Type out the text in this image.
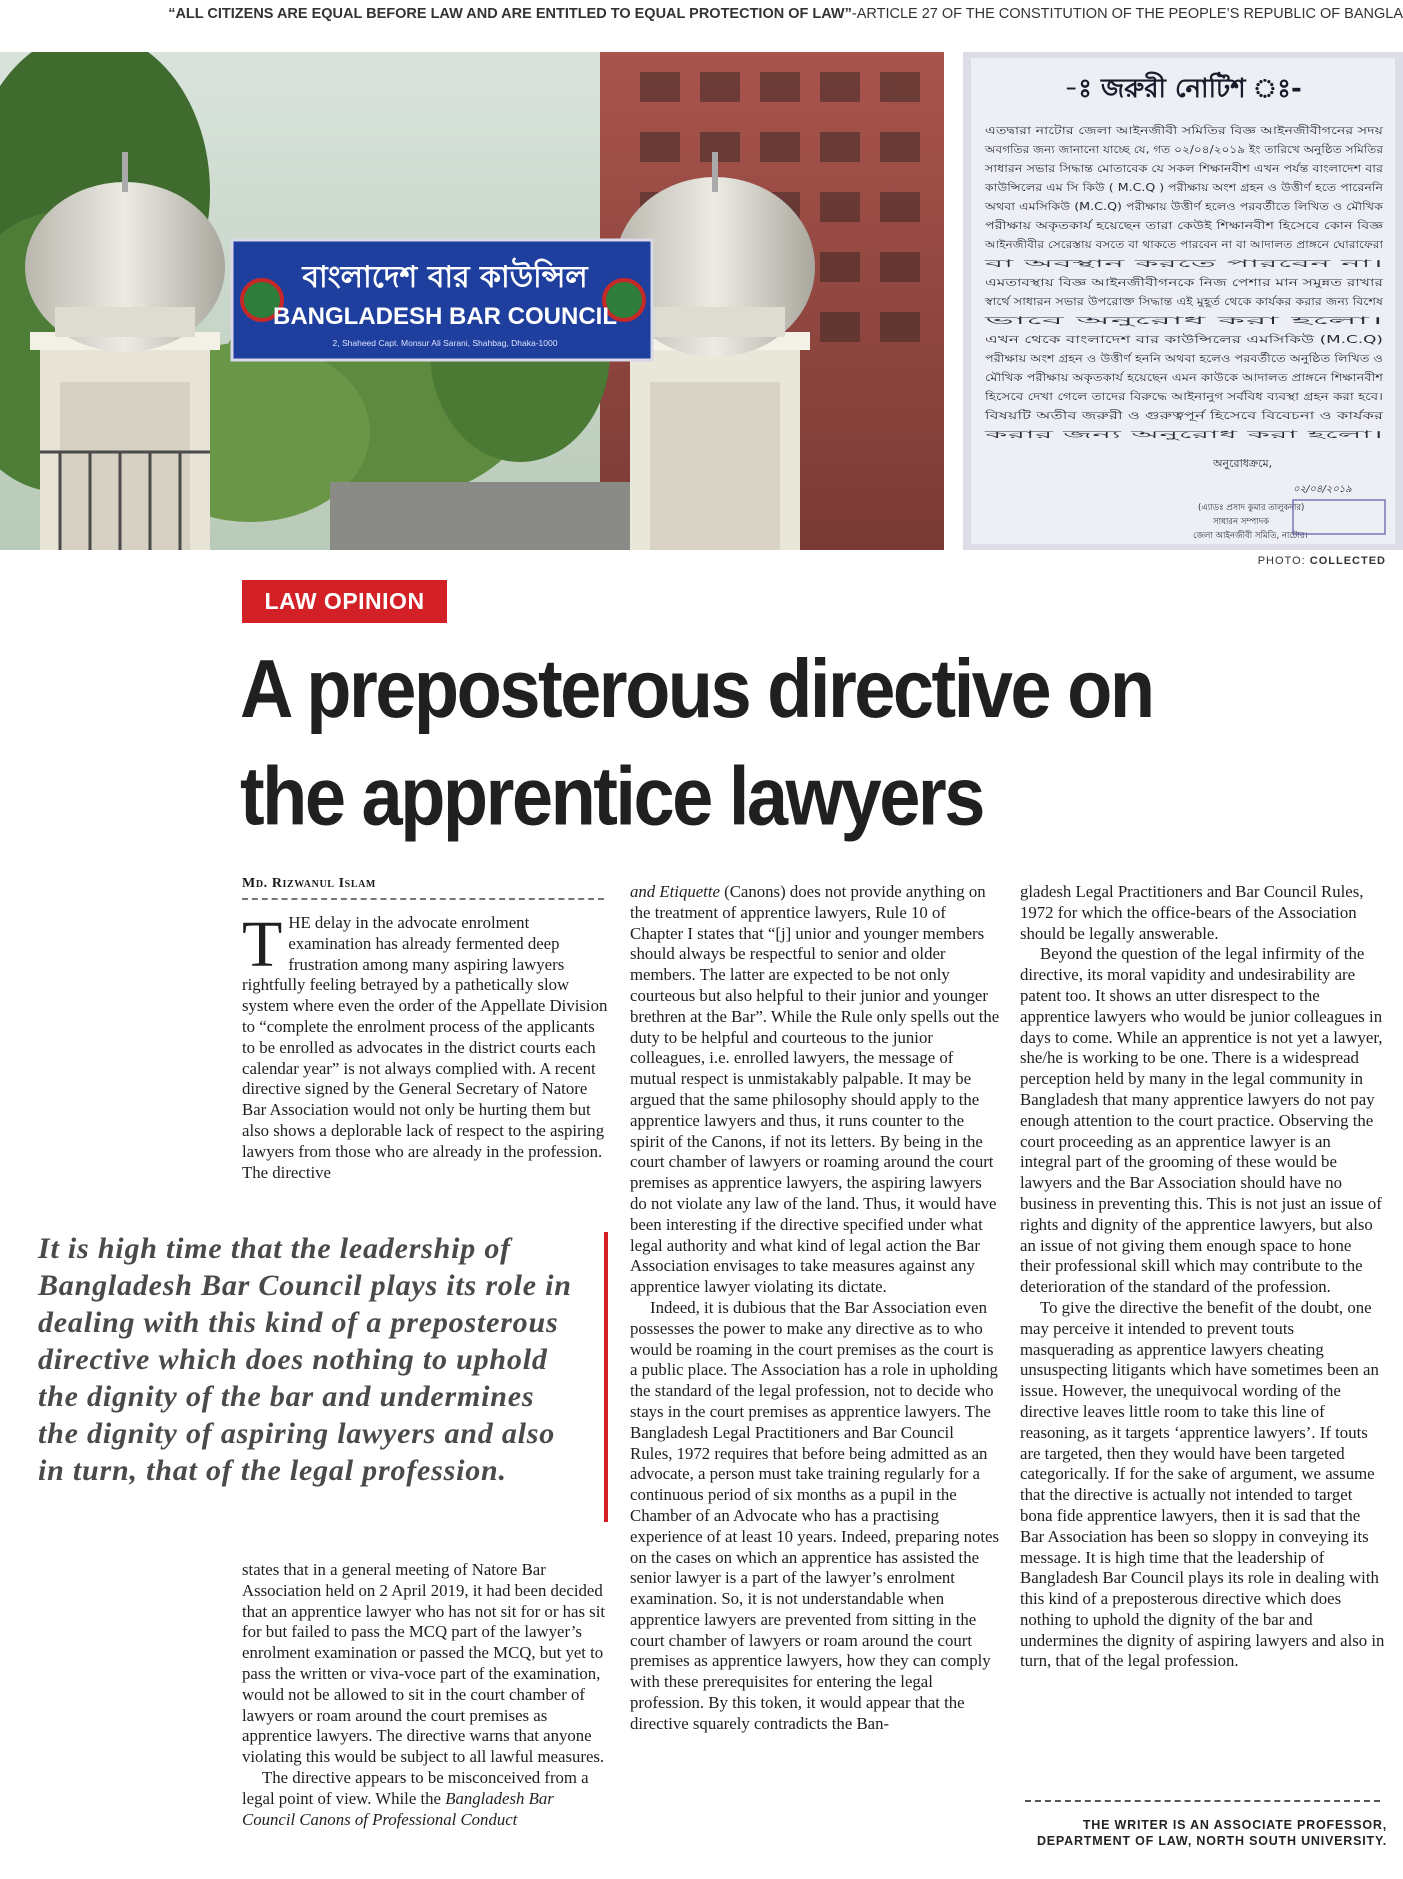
“ALL CITIZENS ARE EQUAL BEFORE LAW AND ARE ENTITLED TO EQUAL PROTECTION OF LAW”-ARTICLE 27 OF THE CONSTITUTION OF THE PEOPLE’S REPUBLIC OF BANGLA
বাংলাদেশ বার কাউন্সিল
BANGLADESH BAR COUNCIL
2, Shaheed Capt. Monsur Ali Sarani, Shahbag, Dhaka-1000
-ঃ জরুরী নোটিশ ঃ-
এতদ্বারা নাটোর জেলা আইনজীবী সমিতির বিজ্ঞ আইনজীবীগনের সদয়
অবগতির জন্য জানানো যাচ্ছে যে, গত ০২/০৪/২০১৯ ইং তারিখে অনুষ্ঠিত সমিতির
সাধারন সভার সিদ্ধান্ত মোতাবেক যে সকল শিক্ষানবীশ এখন পর্যন্ত বাংলাদেশ বার
কাউন্সিলের এম সি কিউ ( M.C.Q ) পরীক্ষায় অংশ গ্রহন ও উত্তীর্ণ হতে পারেননি
অথবা এমসিকিউ (M.C.Q) পরীক্ষায় উত্তীর্ণ হলেও পরবর্তীতে লিখিত ও মৌখিক
পরীক্ষায় অকৃতকার্য হয়েছেন তারা কেউই শিক্ষানবীশ হিসেবে কোন বিজ্ঞ
আইনজীবীর সেরেস্তায় বসতে বা থাকতে পারবেন না বা আদালত প্রাঙ্গনে ঘোরাফেরা
বা অবস্থান করতে পারবেন না।
এমতাবস্থায় বিজ্ঞ আইনজীবীগনকে নিজ পেশার মান সমুন্নত রাখার
স্বার্থে সাধারন সভার উপরোক্ত সিদ্ধান্ত এই মুহূর্ত থেকে কার্যকর করার জন্য বিশেষ
ভাবে অনুরোধ করা হলো।
এখন থেকে বাংলাদেশ বার কাউন্সিলের এমসিকিউ (M.C.Q)
পরীক্ষায় অংশ গ্রহন ও উত্তীর্ণ হননি অথবা হলেও পরবর্তীতে অনুষ্ঠিত লিখিত ও
মৌখিক পরীক্ষায় অকৃতকার্য হয়েছেন এমন কাউকে আদালত প্রাঙ্গনে শিক্ষানবীশ
হিসেবে দেখা গেলে তাদের বিরুদ্ধে আইনানুগ সর্ববিধ ব্যবস্থা গ্রহন করা হবে।
বিষয়টি অতীব জরুরী ও গুরুত্বপূর্ন হিসেবে বিবেচনা ও কার্যকর
করার জন্য অনুরোধ করা হলো।
অনুরোধক্রমে,
০২/০৪/২০১৯
(এ্যাডঃ প্রসাদ কুমার তালুকদার)
সাধারন সম্পাদক
জেলা আইনজীবী সমিতি, নাটোর।
PHOTO: COLLECTED
LAW OPINION
A preposterous directive on the apprentice lawyers
Md. Rizwanul Islam

THE delay in the advocate enrolment examination has already fermented deep frustration among many aspiring lawyers rightfully feeling betrayed by a pathetically slow system where even the order of the Appellate Division to “complete the enrolment process of the applicants to be enrolled as advocates in the district courts each calendar year” is not always complied with. A recent directive signed by the General Secretary of Natore Bar Association would not only be hurting them but also shows a deplorable lack of respect to the aspiring lawyers from those who are already in the profession. The directive

It is high time that the leadership of Bangladesh Bar Council plays its role in dealing with this kind of a preposterous directive which does nothing to uphold the dignity of the bar and undermines the dignity of aspiring lawyers and also in turn, that of the legal profession.

states that in a general meeting of Natore Bar Association held on 2 April 2019, it had been decided that an apprentice lawyer who has not sit for or has sit for but failed to pass the MCQ part of the lawyer’s enrolment examination or passed the MCQ, but yet to pass the written or viva-voce part of the examination, would not be allowed to sit in the court chamber of lawyers or roam around the court premises as apprentice lawyers. The directive warns that anyone violating this would be subject to all lawful measures.

The directive appears to be misconceived from a legal point of view. While the Bangladesh Bar Council Canons of Professional Conduct

and Etiquette (Canons) does not provide anything on the treatment of apprentice lawyers, Rule 10 of Chapter I states that “[j] unior and younger members should always be respectful to senior and older members. The latter are expected to be not only courteous but also helpful to their junior and younger brethren at the Bar”. While the Rule only spells out the duty to be helpful and courteous to the junior colleagues, i.e. enrolled lawyers, the message of mutual respect is unmistakably palpable. It may be argued that the same philosophy should apply to the apprentice lawyers and thus, it runs counter to the spirit of the Canons, if not its letters. By being in the court chamber of lawyers or roaming around the court premises as apprentice lawyers, the aspiring lawyers do not violate any law of the land. Thus, it would have been interesting if the directive specified under what legal authority and what kind of legal action the Bar Association envisages to take measures against any apprentice lawyer violating its dictate.

Indeed, it is dubious that the Bar Association even possesses the power to make any directive as to who would be roaming in the court premises as the court is a public place. The Association has a role in upholding the standard of the legal profession, not to decide who stays in the court premises as apprentice lawyers. The Bangladesh Legal Practitioners and Bar Council Rules, 1972 requires that before being admitted as an advocate, a person must take training regularly for a continuous period of six months as a pupil in the Chamber of an Advocate who has a practising experience of at least 10 years. Indeed, preparing notes on the cases on which an apprentice has assisted the senior lawyer is a part of the lawyer’s enrolment examination. So, it is not understandable when apprentice lawyers are prevented from sitting in the court chamber of lawyers or roam around the court premises as apprentice lawyers, how they can comply with these prerequisites for entering the legal profession. By this token, it would appear that the directive squarely contradicts the Ban-

gladesh Legal Practitioners and Bar Council Rules, 1972 for which the office-bears of the Association should be legally answerable.

Beyond the question of the legal infirmity of the directive, its moral vapidity and undesirability are patent too. It shows an utter disrespect to the apprentice lawyers who would be junior colleagues in days to come. While an apprentice is not yet a lawyer, she/he is working to be one. There is a widespread perception held by many in the legal community in Bangladesh that many apprentice lawyers do not pay enough attention to the court practice. Observing the court proceeding as an apprentice lawyer is an integral part of the grooming of these would be lawyers and the Bar Association should have no business in preventing this. This is not just an issue of rights and dignity of the apprentice lawyers, but also an issue of not giving them enough space to hone their professional skill which may contribute to the deterioration of the standard of the profession.

To give the directive the benefit of the doubt, one may perceive it intended to prevent touts masquerading as apprentice lawyers cheating unsuspecting litigants which have sometimes been an issue. However, the unequivocal wording of the directive leaves little room to take this line of reasoning, as it targets ‘apprentice lawyers’. If touts are targeted, then they would have been targeted categorically. If for the sake of argument, we assume that the directive is actually not intended to target bona fide apprentice lawyers, then it is sad that the Bar Association has been so sloppy in conveying its message. It is high time that the leadership of Bangladesh Bar Council plays its role in dealing with this kind of a preposterous directive which does nothing to uphold the dignity of the bar and undermines the dignity of aspiring lawyers and also in turn, that of the legal profession.

THE WRITER IS AN ASSOCIATE PROFESSOR, DEPARTMENT OF LAW, NORTH SOUTH UNIVERSITY.
